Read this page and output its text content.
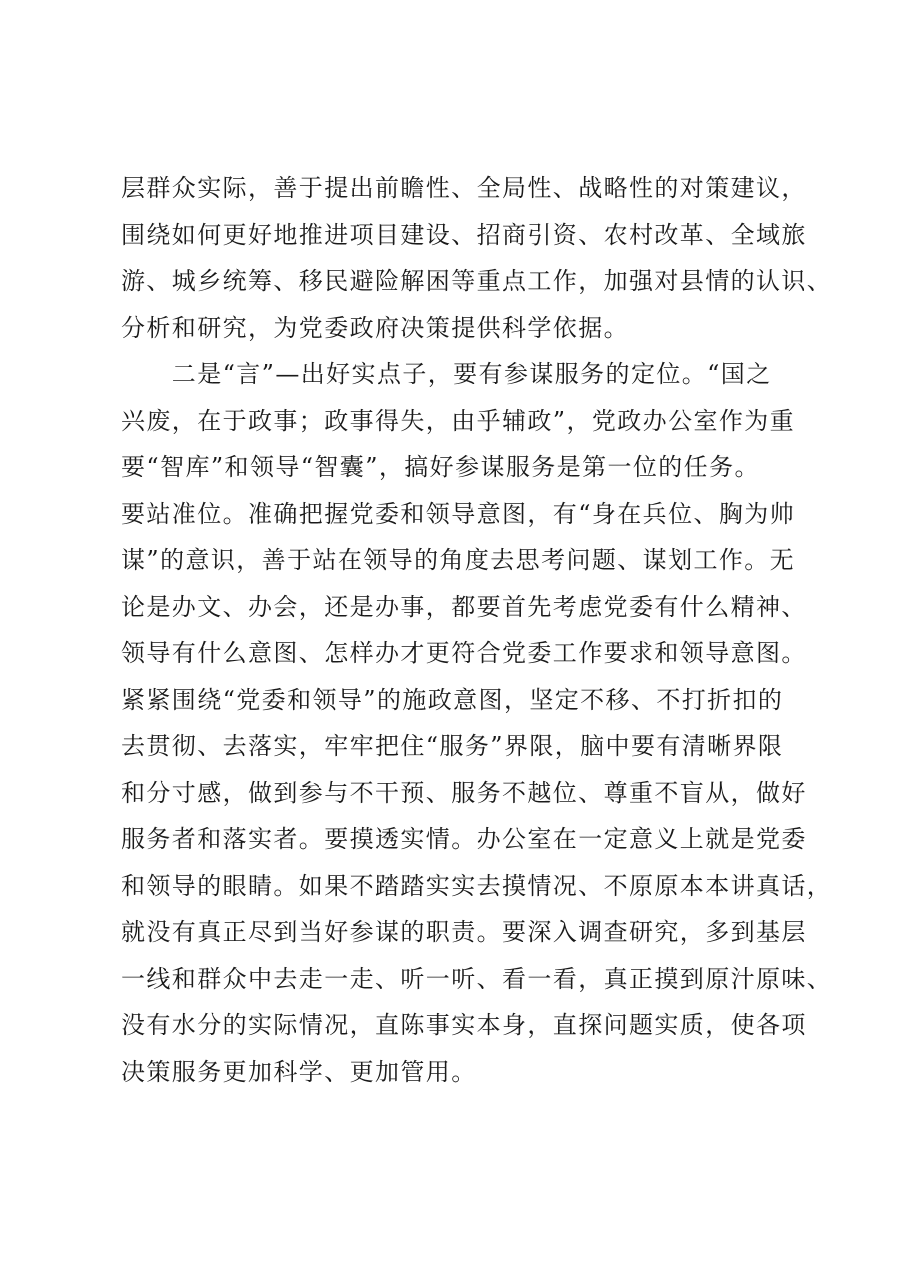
层群众实际，善于提出前瞻性、全局性、战略性的对策建议，
围绕如何更好地推进项目建设、招商引资、农村改革、全域旅
游、城乡统筹、移民避险解困等重点工作，加强对县情的认识、
分析和研究，为党委政府决策提供科学依据。
　　二是“言”—出好实点子，要有参谋服务的定位。“国之
兴废，在于政事；政事得失，由乎辅政”，党政办公室作为重
要“智库”和领导“智囊”，搞好参谋服务是第一位的任务。
要站准位。准确把握党委和领导意图，有“身在兵位、胸为帅
谋”的意识，善于站在领导的角度去思考问题、谋划工作。无
论是办文、办会，还是办事，都要首先考虑党委有什么精神、
领导有什么意图、怎样办才更符合党委工作要求和领导意图。
紧紧围绕“党委和领导”的施政意图，坚定不移、不打折扣的
去贯彻、去落实，牢牢把住“服务”界限，脑中要有清晰界限
和分寸感，做到参与不干预、服务不越位、尊重不盲从，做好
服务者和落实者。要摸透实情。办公室在一定意义上就是党委
和领导的眼睛。如果不踏踏实实去摸情况、不原原本本讲真话，
就没有真正尽到当好参谋的职责。要深入调查研究，多到基层
一线和群众中去走一走、听一听、看一看，真正摸到原汁原味、
没有水分的实际情况，直陈事实本身，直探问题实质，使各项
决策服务更加科学、更加管用。
